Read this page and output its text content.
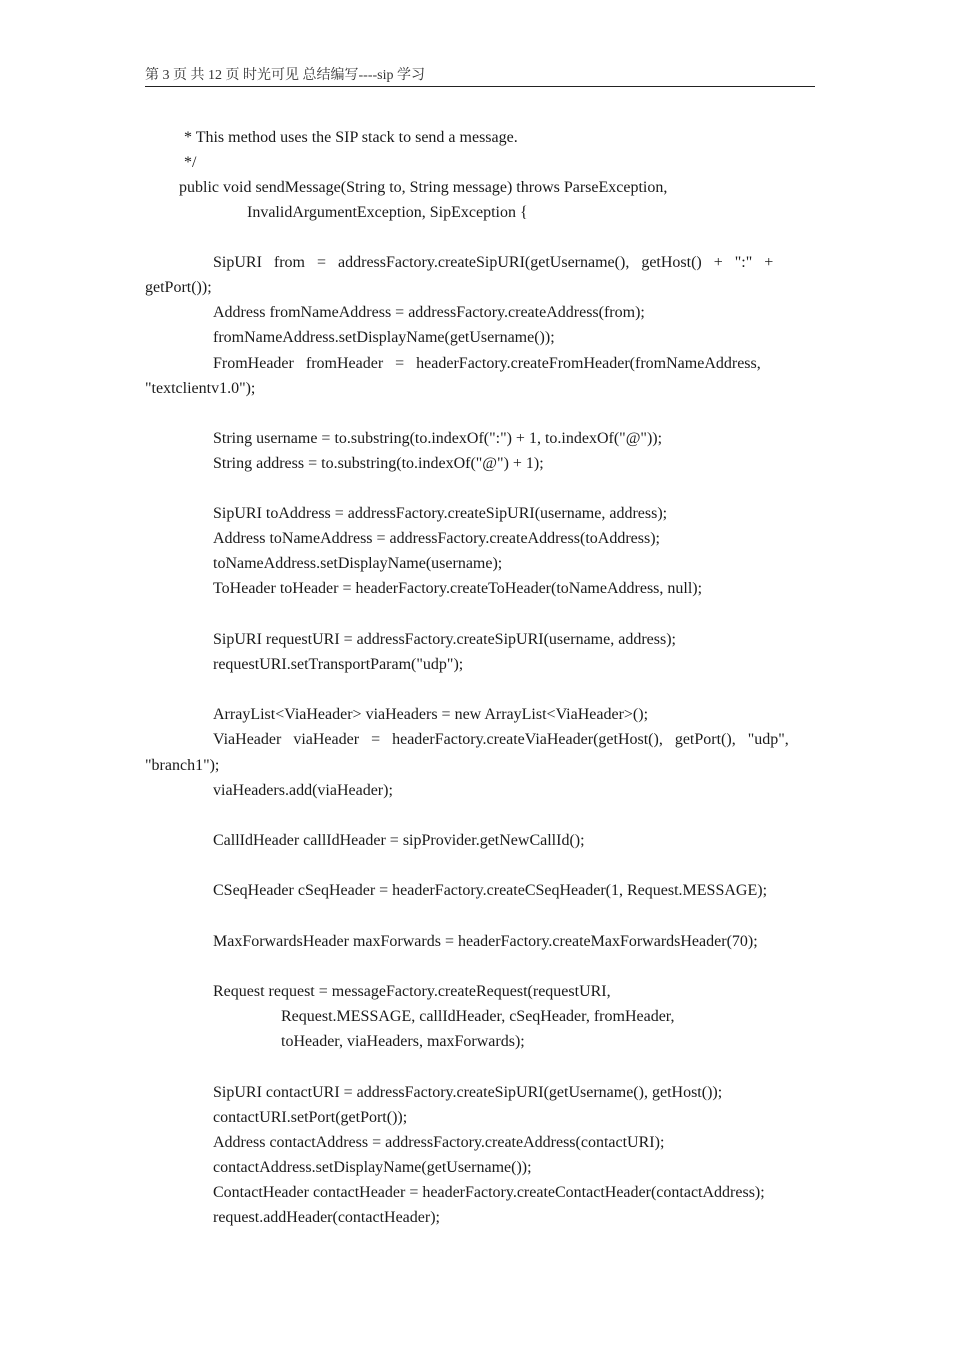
第 3 页 共 12 页 时光可见 总结编写----sip 学习
* This method uses the SIP stack to send a message.
*/
public void sendMessage(String to, String message) throws ParseException,
InvalidArgumentException, SipException {
SipURI   from   =   addressFactory.createSipURI(getUsername(),   getHost()   +   ":"   +
getPort());
Address fromNameAddress = addressFactory.createAddress(from);
fromNameAddress.setDisplayName(getUsername());
FromHeader   fromHeader   =   headerFactory.createFromHeader(fromNameAddress,
"textclientv1.0");
String username = to.substring(to.indexOf(":") + 1, to.indexOf("@"));
String address = to.substring(to.indexOf("@") + 1);
SipURI toAddress = addressFactory.createSipURI(username, address);
Address toNameAddress = addressFactory.createAddress(toAddress);
toNameAddress.setDisplayName(username);
ToHeader toHeader = headerFactory.createToHeader(toNameAddress, null);
SipURI requestURI = addressFactory.createSipURI(username, address);
requestURI.setTransportParam("udp");
ArrayList<ViaHeader> viaHeaders = new ArrayList<ViaHeader>();
ViaHeader   viaHeader   =   headerFactory.createViaHeader(getHost(),   getPort(),   "udp",
"branch1");
viaHeaders.add(viaHeader);
CallIdHeader callIdHeader = sipProvider.getNewCallId();
CSeqHeader cSeqHeader = headerFactory.createCSeqHeader(1, Request.MESSAGE);
MaxForwardsHeader maxForwards = headerFactory.createMaxForwardsHeader(70);
Request request = messageFactory.createRequest(requestURI,
Request.MESSAGE, callIdHeader, cSeqHeader, fromHeader,
toHeader, viaHeaders, maxForwards);
SipURI contactURI = addressFactory.createSipURI(getUsername(), getHost());
contactURI.setPort(getPort());
Address contactAddress = addressFactory.createAddress(contactURI);
contactAddress.setDisplayName(getUsername());
ContactHeader contactHeader = headerFactory.createContactHeader(contactAddress);
request.addHeader(contactHeader);
